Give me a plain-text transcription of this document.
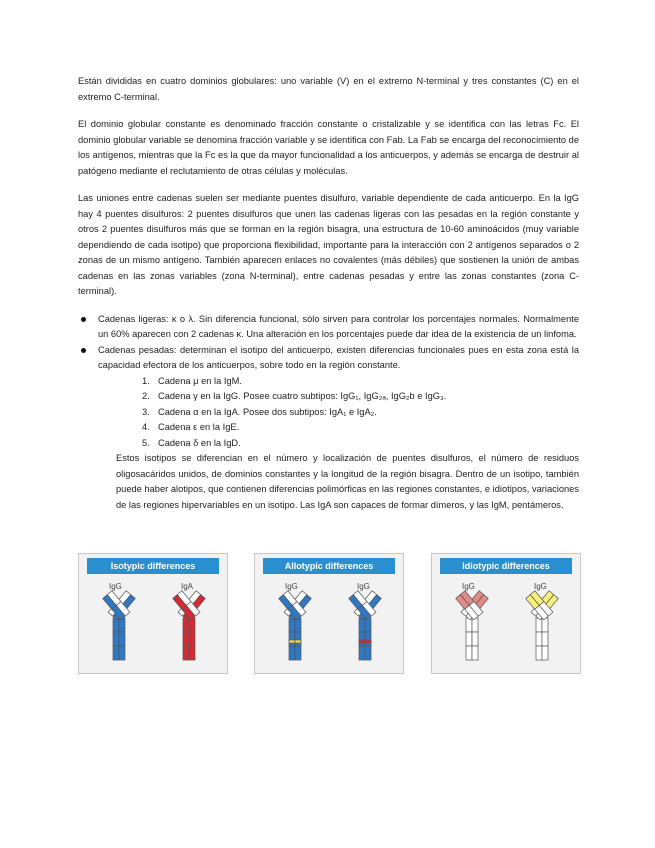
Están divididas en cuatro dominios globulares: uno variable (V) en el extremo N-terminal y tres constantes (C) en el extremo C-terminal.

El dominio globular constante es denominado fracción constante o cristalizable y se identifica con las letras Fc. El dominio globular variable se denomina fracción variable y se identifica con Fab. La Fab se encarga del reconocimiento de los antígenos, mientras que la Fc es la que da mayor funcionalidad a los anticuerpos, y además se encarga de destruir al patógeno mediante el reclutamiento de otras células y moléculas.

Las uniones entre cadenas suelen ser mediante puentes disulfuro, variable dependiente de cada anticuerpo. En la IgG hay 4 puentes disulfuros: 2 puentes disulfuros que unen las cadenas ligeras con las pesadas en la región constante y otros 2 puentes disulfuros más que se forman en la región bisagra, una estructura de 10-60 aminoácidos (muy variable dependiendo de cada isotipo) que proporciona flexibilidad, importante para la interacción con 2 antígenos separados o 2 zonas de un mismo antígeno. También aparecen enlaces no covalentes (más débiles) que sostienen la unión de ambas cadenas en las zonas variables (zona N-terminal), entre cadenas pesadas y entre las zonas constantes (zona C-terminal).

Cadenas ligeras: κ o λ. Sin diferencia funcional, sólo sirven para controlar los porcentajes normales. Normalmente un 60% aparecen con 2 cadenas κ. Una alteración en los porcentajes puede dar idea de la existencia de un linfoma.
Cadenas pesadas: determinan el isotipo del anticuerpo, existen diferencias funcionales pues en esta zona está la capacidad efectora de los anticuerpos, sobre todo en la región constante.
1. Cadena μ en la IgM.
2. Cadena γ en la IgG. Posee cuatro subtipos: IgG₁, IgG₂ₐ, IgG₂b e IgG₃.
3. Cadena α en la IgA. Posee dos subtipos: IgA₁ e IgA₂.
4. Cadena ε en la IgE.
5. Cadena δ en la IgD.

Estos isotipos se diferencian en el número y localización de puentes disulfuros, el número de residuos oligosacáridos unidos, de dominios constantes y la longitud de la región bisagra. Dentro de un isotipo, también puede haber alotipos, que contienen diferencias polimórficas en las regiones constantes, e idiotipos, variaciones de las regiones hipervariables en un isotipo. Las IgA son capaces de formar dímeros, y las IgM, pentámeros.

Isotypic differences
IgG	IgA
Allotypic differences
IgG	IgG
Idiotypic differences
IgG	IgG
